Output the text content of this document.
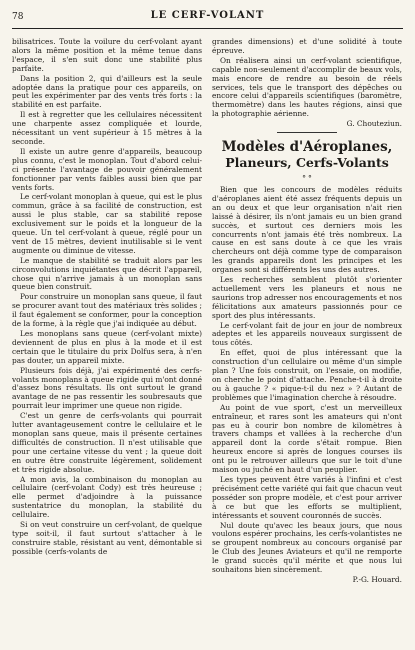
78	LE CERF-VOLANT

bilisatrices. Toute la voilure du cerf-volant ayant alors la même position et la même tenue dans l'espace, il s'en suit donc une stabilité plus parfaite.

Dans la position 2, qui d'ailleurs est la seule adoptée dans la pratique pour ces appareils, on peut les expérimenter par des vents très forts : la stabilité en est parfaite.

Il est à regretter que les cellulaires nécessitent une charpente assez compliquée et lourde, nécessitant un vent supérieur à 15 mètres à la seconde.

Il existe un autre genre d'appareils, beaucoup plus connu, c'est le monoplan. Tout d'abord celui-ci présente l'avantage de pouvoir généralement fonctionner par vents faibles aussi bien que par vents forts.

Le cerf-volant monoplan à queue, qui est le plus commun, grâce à sa facilité de construction, est aussi le plus stable, car sa stabilité repose exclusivement sur le poids et la longueur de la queue. Un tel cerf-volant à queue, réglé pour un vent de 15 mètres, devient inutilisable si le vent augmente ou diminue de vitesse.

Le manque de stabilité se traduit alors par les circonvolutions inquiétantes que décrit l'appareil, chose qui n'arrive jamais à un monoplan sans queue bien construit.

Pour construire un monoplan sans queue, il faut se procurer avant tout des matériaux très solides ; il faut également se conformer, pour la conception de la forme, à la règle que j'ai indiquée au début.

Les monoplans sans queue (cerf-volant mixte) deviennent de plus en plus à la mode et il est certain que le titulaire du prix Dolfus sera, à n'en pas douter, un appareil mixte.

Plusieurs fois déjà, j'ai expérimenté des cerfs-volants monoplans à queue rigide qui m'ont donné d'assez bons résultats. Ils ont surtout le grand avantage de ne pas ressentir les soubresauts que pourrait leur imprimer une queue non rigide.

C'est un genre de cerfs-volants qui pourrait lutter avantageusement contre le cellulaire et le monoplan sans queue, mais il présente certaines difficultés de construction. Il n'est utilisable que pour une certaine vitesse du vent ; la queue doit en outre être construite légèrement, solidement et très rigide absolue.

A mon avis, la combinaison du monoplan au cellulaire (cerf-volant Cody) est très heureuse ; elle permet d'adjoindre à la puissance sustentatrice du monoplan, la stabilité du cellulaire.

Si on veut construire un cerf-volant, de quelque type soit-il, il faut surtout s'attacher à le construire stable, résistant au vent, démontable si possible (cerfs-volants de

grandes dimensions) et d'une solidité à toute épreuve.

On réalisera ainsi un cerf-volant scientifique, capable non-seulement d'accomplir de beaux vols, mais encore de rendre au besoin de réels services, tels que le transport des dépêches ou encore celui d'appareils scientifiques (baromètre, thermomètre) dans les hautes régions, ainsi que la photographie aérienne.

G. Chouteziun.

Modèles d'Aéroplanes,
Planeurs, Cerfs-Volants
⚬⚬

Bien que les concours de modèles réduits d'aéroplanes aient été assez fréquents depuis un an ou deux et que leur organisation n'ait rien laissé à désirer, ils n'ont jamais eu un bien grand succès, et surtout ces derniers mois les concurrents n'ont jamais été très nombreux. La cause en est sans doute à ce que les vrais chercheurs ont déjà comme type de comparaison les grands appareils dont les principes et les organes sont si différents les uns des autres.

Les recherches semblent plutôt s'orienter actuellement vers les planeurs et nous ne saurions trop adresser nos encouragements et nos félicitations aux amateurs passionnés pour ce sport des plus intéressants.

Le cerf-volant fait de jour en jour de nombreux adeptes et les appareils nouveaux surgissent de tous côtés.

En effet, quoi de plus intéressant que la construction d'un cellulaire ou même d'un simple plan ? Une fois construit, on l'essaie, on modifie, on cherche le point d'attache. Penche-t-il à droite ou à gauche ? « pique-t-il du nez » ? Autant de problèmes que l'imagination cherche à résoudre.

Au point de vue sport, c'est un merveilleux entraîneur, et rares sont les amateurs qui n'ont pas eu à courir bon nombre de kilomètres à travers champs et vallées à la recherche d'un appareil dont la corde s'était rompue. Bien heureux encore si après de longues courses ils ont pu le retrouver ailleurs que sur le toit d'une maison ou juché en haut d'un peuplier.

Les types peuvent être variés à l'infini et c'est précisément cette variété qui fait que chacun veut posséder son propre modèle, et c'est pour arriver à ce but que les efforts se multiplient, intéressants et souvent couronnés de succès.

Nul doute qu'avec les beaux jours, que nous voulons espérer prochains, les cerfs-volantistes ne se groupent nombreux au concours organisé par le Club des Jeunes Aviateurs et qu'il ne remporte le grand succès qu'il mérite et que nous lui souhaitons bien sincèrement.

P.-G. Houard.
